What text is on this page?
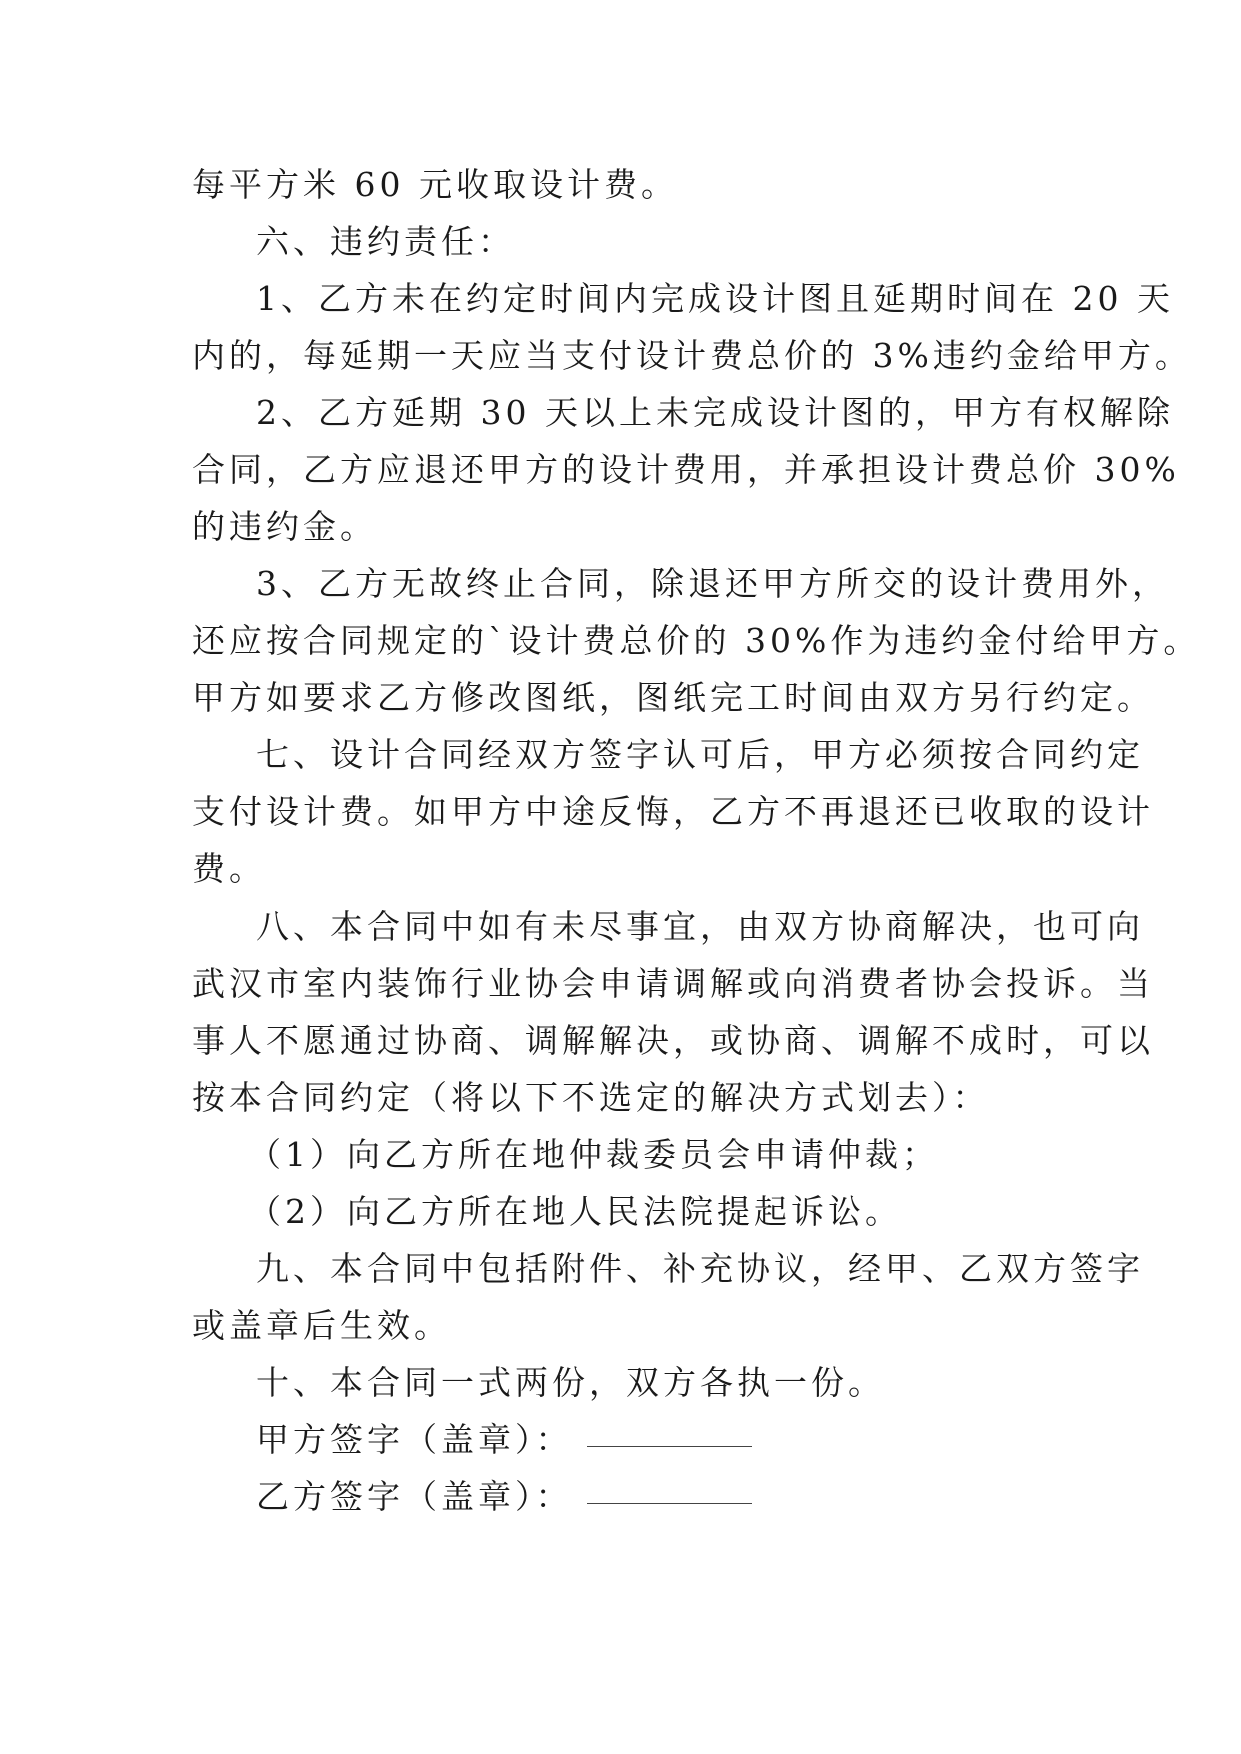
每平方米 60 元收取设计费。
六、违约责任：
1、乙方未在约定时间内完成设计图且延期时间在 20 天
内的，每延期一天应当支付设计费总价的 3%违约金给甲方。
2、乙方延期 30 天以上未完成设计图的，甲方有权解除
合同，乙方应退还甲方的设计费用，并承担设计费总价 30%
的违约金。
3、乙方无故终止合同，除退还甲方所交的设计费用外，
还应按合同规定的`设计费总价的 30%作为违约金付给甲方。
甲方如要求乙方修改图纸，图纸完工时间由双方另行约定。
七、设计合同经双方签字认可后，甲方必须按合同约定
支付设计费。如甲方中途反悔，乙方不再退还已收取的设计
费。
八、本合同中如有未尽事宜，由双方协商解决，也可向
武汉市室内装饰行业协会申请调解或向消费者协会投诉。当
事人不愿通过协商、调解解决，或协商、调解不成时，可以
按本合同约定（将以下不选定的解决方式划去）：
（1）向乙方所在地仲裁委员会申请仲裁；
（2）向乙方所在地人民法院提起诉讼。
九、本合同中包括附件、补充协议，经甲、乙双方签字
或盖章后生效。
十、本合同一式两份，双方各执一份。
甲方签字（盖章）：
乙方签字（盖章）：
